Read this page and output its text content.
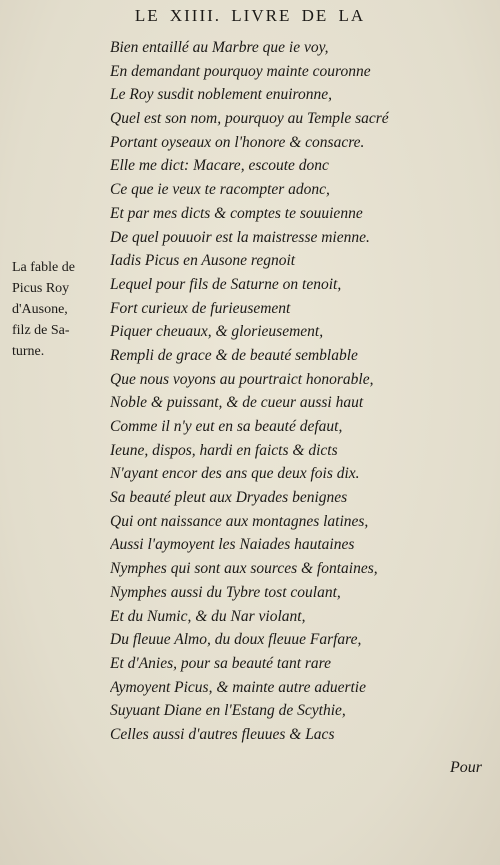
LE XIIII. LIVRE DE LA
Bien entaillé au Marbre que ie voy,
En demandant pourquoy mainte couronne
Le Roy susdit noblement enuironne,
Quel est son nom, pourquoy au Temple sacré
Portant oyseaux on l'honore & consacre.
Elle me dict: Macare, escoute donc
Ce que ie veux te racompter adonc,
Et par mes dicts & comptes te souuienne
De quel pouuoir est la maistresse mienne.
Iadis Picus en Ausone regnoit
Lequel pour fils de Saturne on tenoit,
Fort curieux de furieusement
Piquer cheuaux, & glorieusement,
Rempli de grace & de beauté semblable
Que nous voyons au pourtraict honorable,
Noble & puissant, & de cueur aussi haut
Comme il n'y eut en sa beauté defaut,
Ieune, dispos, hardi en faicts & dicts
N'ayant encor des ans que deux fois dix.
Sa beauté pleut aux Dryades benignes
Qui ont naissance aux montagnes latines,
Aussi l'aymoyent les Naiades hautaines
Nymphes qui sont aux sources & fontaines,
Nymphes aussi du Tybre tost coulant,
Et du Numic, & du Nar violant,
Du fleuue Almo, du doux fleuue Farfare,
Et d'Anies, pour sa beauté tant rare
Aymoyent Picus, & mainte autre aduertie
Suyuant Diane en l'Estang de Scythie,
Celles aussi d'autres fleuues & Lacs
La fable de
Picus Roy
d'Ausone,
filz de Sa-
turne.
Pour
